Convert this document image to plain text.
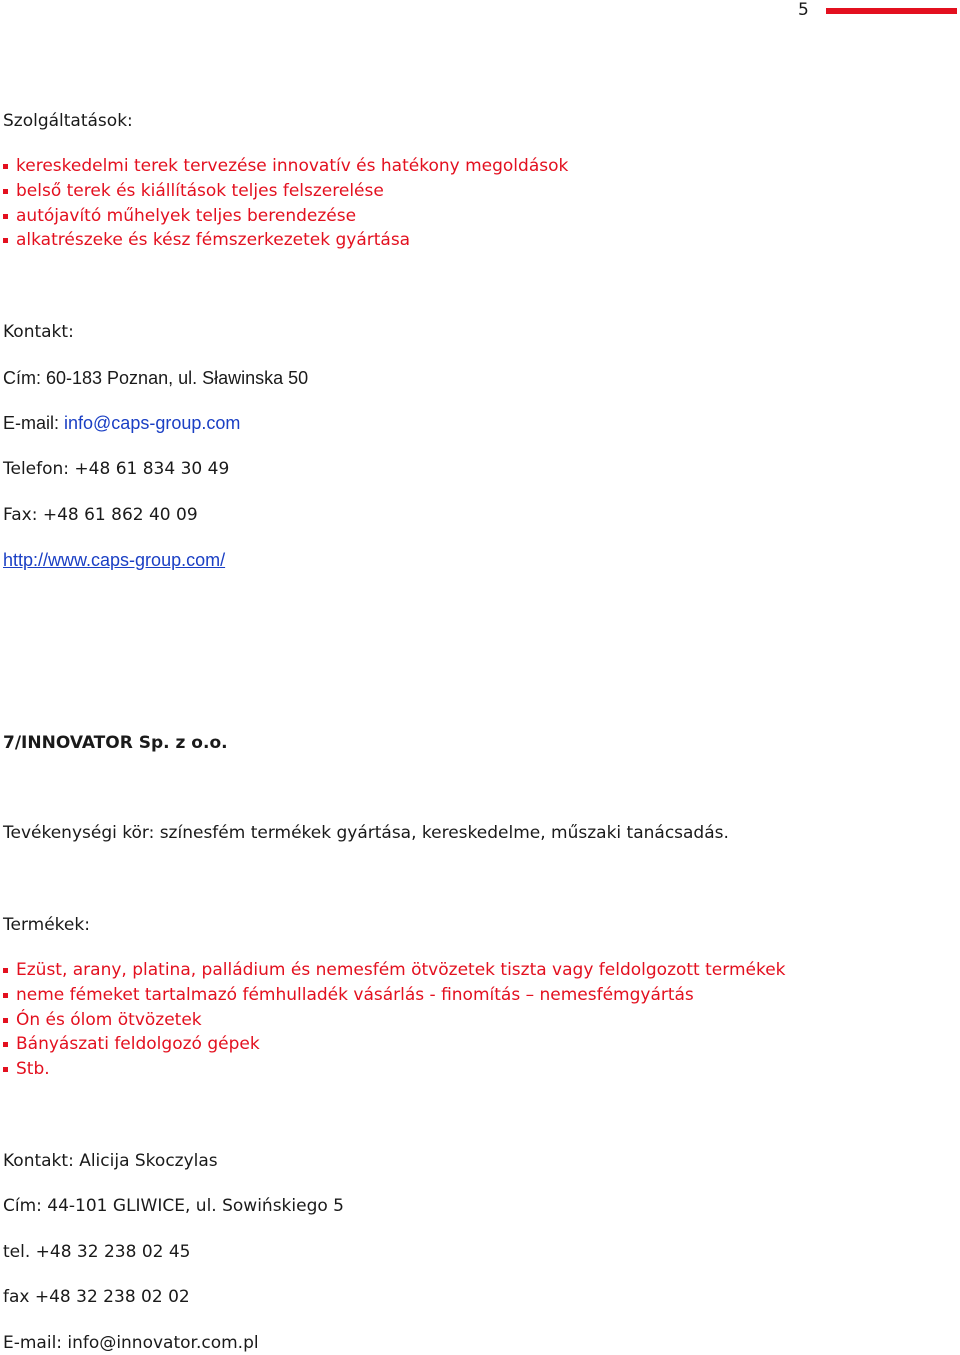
5
Szolgáltatások:
kereskedelmi terek tervezése innovatív és hatékony megoldások
belső terek és kiállítások teljes felszerelése
autójavító műhelyek teljes berendezése
alkatrészeke és kész fémszerkezetek gyártása
Kontakt:
Cím: 60-183 Poznan, ul. Sławinska 50
E-mail: info@caps-group.com
Telefon: +48 61 834 30 49
Fax: +48 61 862 40 09
http://www.caps-group.com/
7/INNOVATOR Sp. z o.o.
Tevékenységi kör: színesfém termékek gyártása, kereskedelme, műszaki tanácsadás.
Termékek:
Ezüst, arany, platina, palládium és nemesfém ötvözetek tiszta vagy feldolgozott termékek
neme fémeket tartalmazó fémhulladék vásárlás - finomítás – nemesfémgyártás
Ón és ólom ötvözetek
Bányászati feldolgozó gépek
Stb.
Kontakt: Alicija Skoczylas
Cím: 44-101 GLIWICE, ul. Sowińskiego 5
tel. +48 32 238 02 45
fax +48 32 238 02 02
E-mail: info@innovator.com.pl
